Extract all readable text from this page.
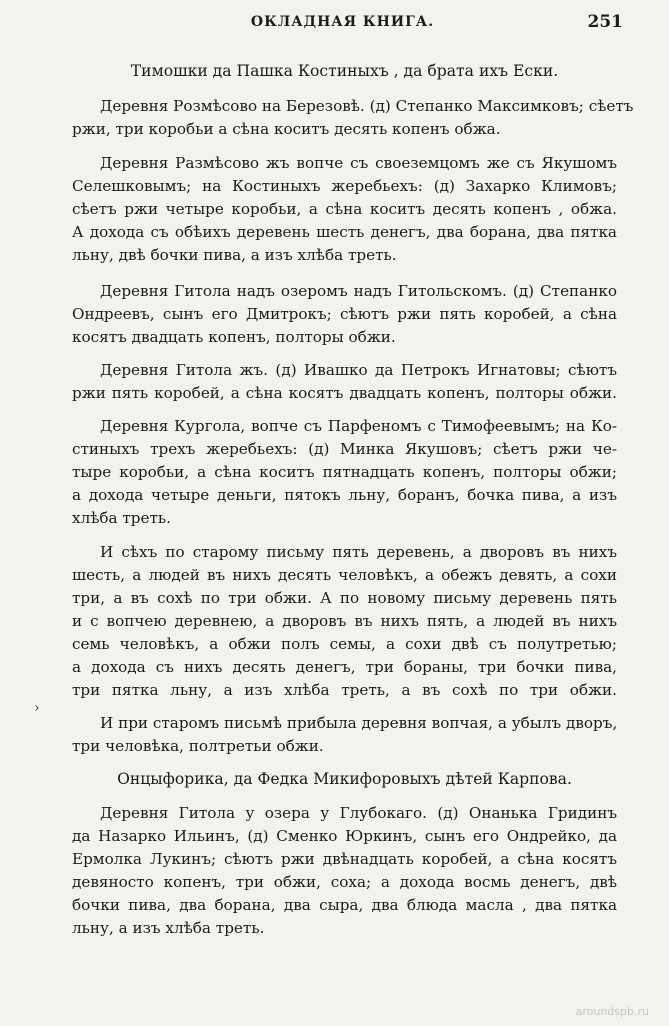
ОКЛАДНАЯ КНИГА.	251
Тимошки да Пашка Костиныхъ , да брата ихъ Ески.
Деревня Розмѣсово на Березовѣ. (д) Степанко Максимковъ; сѣетъ
ржи, три коробьи а сѣна коситъ десять копенъ обжа.
Деревня Размѣсово жъ вопче съ своеземцомъ же съ Якушомъ
Селешковымъ; на Костиныхъ жеребьехъ: (д) Захарко Климовъ;
сѣетъ ржи четыре коробьи, а сѣна коситъ десять копенъ , обжа.
А дохода съ обѣихъ деревень шесть денегъ, два борана, два пятка
льну, двѣ бочки пива, а изъ хлѣба треть.
Деревня Гитола надъ озеромъ надъ Гитольскомъ. (д) Степанко
Ондреевъ, сынъ его Дмитрокъ; сѣютъ ржи пять коробей, а сѣна
косятъ двадцать копенъ, полторы обжи.
Деревня Гитола жъ. (д) Ивашко да Петрокъ Игнатовы; сѣютъ
ржи пять коробей, а сѣна косятъ двадцать копенъ, полторы обжи.
Деревня Кургола, вопче съ Парфеномъ с Тимофеевымъ; на Ко-
стиныхъ трехъ жеребьехъ: (д) Минка Якушовъ; сѣетъ ржи че-
тыре коробьи, а сѣна коситъ пятнадцать копенъ, полторы обжи;
а дохода четыре деньги, пятокъ льну, боранъ, бочка пива, а изъ
хлѣба треть.
И сѣхъ по старому письму пять деревень, а дворовъ въ нихъ
шесть, а людей въ нихъ десять человѣкъ, а обежъ девять, а сохи
три, а въ сохѣ по три обжи. А по новому письму деревень пять
и с вопчею деревнею, а дворовъ въ нихъ пять, а людей въ нихъ
семь человѣкъ, а обжи полъ семы, а сохи двѣ съ полутретью;
а дохода съ нихъ десять денегъ, три бораны, три бочки пива,
три пятка льну, а изъ хлѣба треть, а въ сохѣ по три обжи.
И при старомъ письмѣ прибыла деревня вопчая, а убылъ дворъ,
три человѣка, полтретьи обжи.
Онцыфорика, да Федка Микифоровыхъ дѣтей Карпова.
Деревня Гитола у озера у Глубокаго. (д) Онанька Гридинъ
да Назарко Ильинъ, (д) Сменко Юркинъ, сынъ его Ондрейко, да
Ермолка Лукинъ; сѣютъ ржи двѣнадцать коробей, а сѣна косятъ
девяносто копенъ, три обжи, соха; а дохода восмь денегъ, двѣ
бочки пива, два борана, два сыра, два блюда масла , два пятка
льну, а изъ хлѣба треть.
›
aroundspb.ru
